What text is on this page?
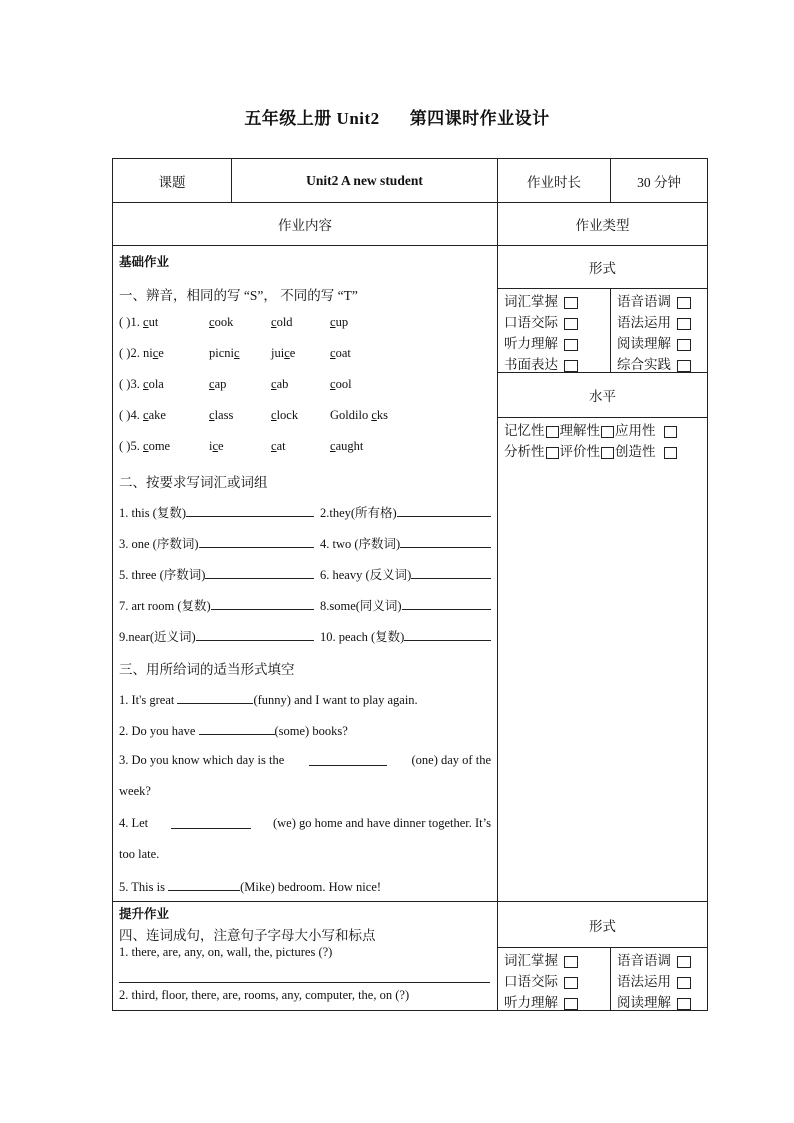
五年级上册 Unit2 第四课时作业设计
课题	Unit2 A new student	作业时长	30 分钟
作业内容	作业类型
基础作业
一、辨音，相同的写 “S”， 不同的写 “T”
( )1. cut	cook	cold	cup
( )2. nice	picnic	juice	coat
( )3. cola	cap	cab	cool
( )4. cake	class	clock	Goldilo cks
( )5. come	ice	cat	caught
二、按要求写词汇或词组
1. this (复数)	2.they(所有格)
3. one (序数词)	4. two (序数词)
5. three (序数词)	6. heavy (反义词)
7. art room (复数)	8.some(同义词)
9.near(近义词)	10. peach (复数)
三、用所给词的适当形式填空
1. It's great	(funny) and I want to play again.
2. Do you have	(some) books?
3. Do you know which day is the	(one) day of the
week?
4. Let	(we) go home and have dinner together. It’s
too late.
5. This is	(Mike) bedroom. How nice!
提升作业
四、连词成句，注意句子字母大小写和标点
1. there, are, any, on, wall, the, pictures (?)
2. third, floor, there, are, rooms, any, computer, the, on (?)
形式
词汇掌握	语音语调
口语交际	语法运用
听力理解	阅读理解
书面表达	综合实践
水平
记忆性 理解性 应用性
分析性 评价性 创造性
形式
词汇掌握	语音语调
口语交际	语法运用
听力理解	阅读理解
